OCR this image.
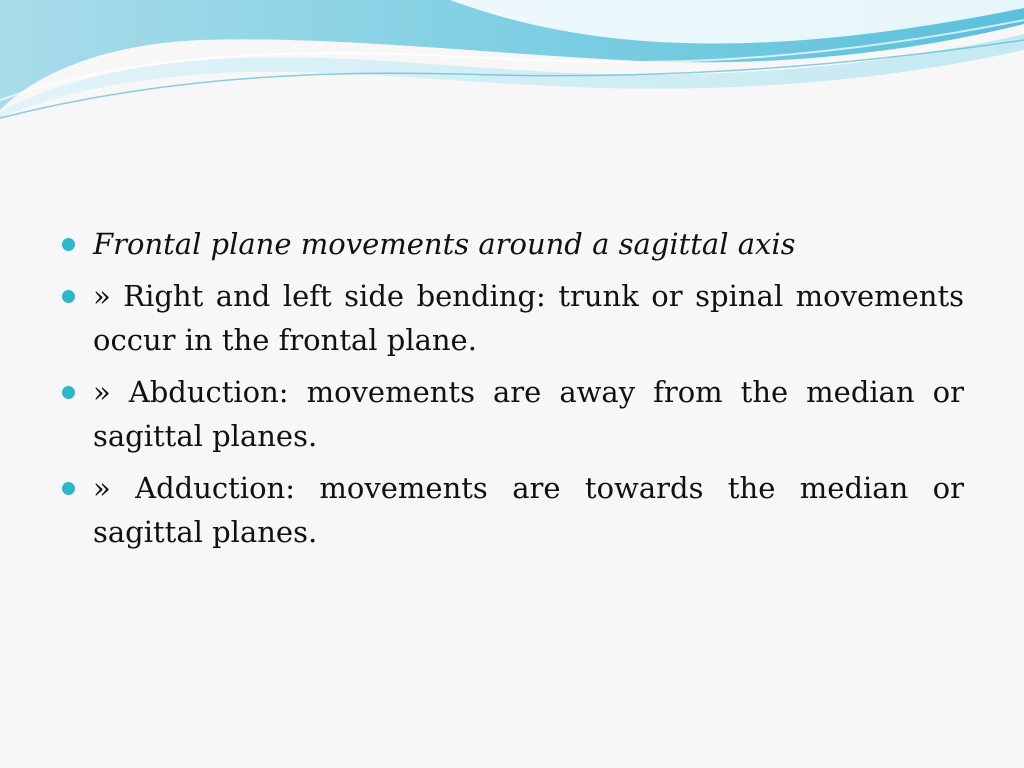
Frontal plane movements around a sagittal axis
» Right and left side bending: trunk or spinal movements occur in the frontal plane.
» Abduction: movements are away from the median or sagittal planes.
» Adduction: movements are towards the median or sagittal planes.
